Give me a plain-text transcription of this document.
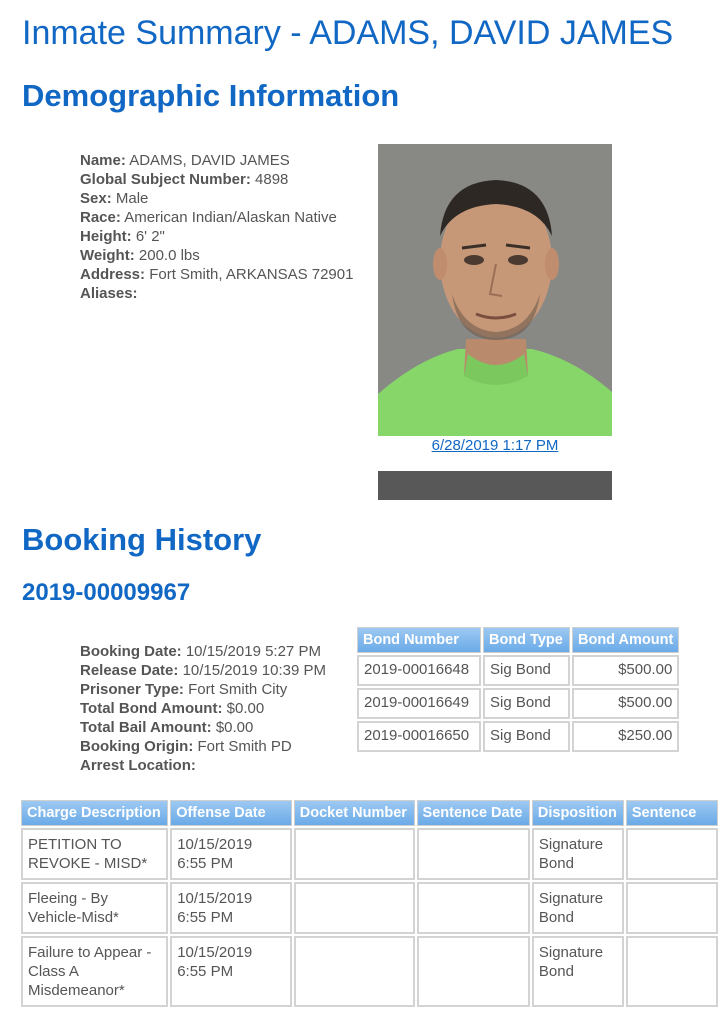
Inmate Summary - ADAMS, DAVID JAMES
Demographic Information
Name: ADAMS, DAVID JAMES
Global Subject Number: 4898
Sex: Male
Race: American Indian/Alaskan Native
Height: 6' 2"
Weight: 200.0 lbs
Address: Fort Smith, ARKANSAS 72901
Aliases:
6/28/2019 1:17 PM
Booking History
2019-00009967
Booking Date: 10/15/2019 5:27 PM
Release Date: 10/15/2019 10:39 PM
Prisoner Type: Fort Smith City
Total Bond Amount: $0.00
Total Bail Amount: $0.00
Booking Origin: Fort Smith PD
Arrest Location:
Bond Number	Bond Type	Bond Amount
2019-00016648	Sig Bond	$500.00
2019-00016649	Sig Bond	$500.00
2019-00016650	Sig Bond	$250.00
Charge Description	Offense Date	Docket Number	Sentence Date	Disposition	Sentence
PETITION TO REVOKE - MISD*	10/15/2019 6:55 PM			Signature Bond	
Fleeing - By Vehicle-Misd*	10/15/2019 6:55 PM			Signature Bond	
Failure to Appear - Class A Misdemeanor*	10/15/2019 6:55 PM			Signature Bond	
